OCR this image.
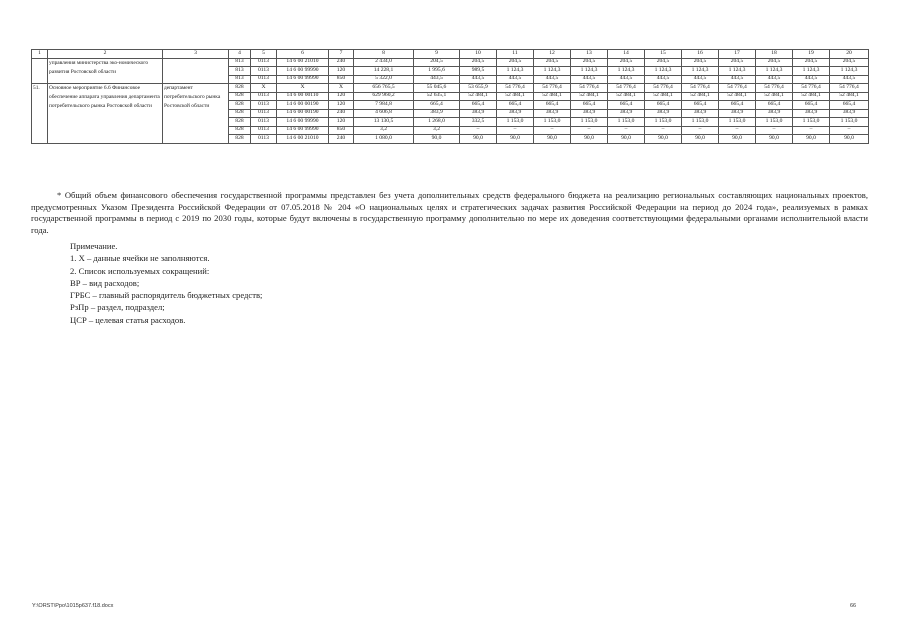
1	2	3	4	5	6	7	8	9	10	11	12	13	14	15	16	17	18	19	20
	управления министерства эко-номического развития Ростовской области		813	0113	14 6 00 21010	240	2 434,0	204,5	204,5	204,5	204,5	204,5	204,5	204,5	204,5	204,5	204,5	204,5	204,5
			813	0113	14 6 00 99990	120	14 228,1	1 995,6	989,5	1 124,3	1 124,3	1 124,3	1 124,3	1 124,3	1 124,3	1 124,3	1 124,3	1 124,3	1 124,3
			813	0113	14 6 00 99990	850	5 322,0	443,5	443,5	443,5	443,5	443,5	443,5	443,5	443,5	443,5	443,5	443,5	443,5
51.	Основное мероприятие 6.6 Финансовое обеспечение аппарата управления департамента потребительского рынка Ростовской области	департамент потребительского рынка Ростовской области	828	Х	Х	Х	656 765,5	55 045,6	53 655,9	54 776,4	54 776,4	54 776,4	54 776,4	54 776,4	54 776,4	54 776,4	54 776,4	54 776,4	54 776,4
			828	0113	14 6 00 00110	120	629 960,2	52 635,1	52 484,1	52 484,1	52 484,1	52 484,1	52 484,1	52 484,1	52 484,1	52 484,1	52 484,1	52 484,1	52 484,1
			828	0113	14 6 00 00190	120	7 984,8	665,4	665,4	665,4	665,4	665,4	665,4	665,4	665,4	665,4	665,4	665,4	665,4
			828	0113	14 6 00 00190	240	4 606,8	383,9	383,9	383,9	383,9	383,9	383,9	383,9	383,9	383,9	383,9	383,9	383,9
			828	0113	14 6 00 99990	120	13 130,5	1 268,0	332,5	1 153,0	1 153,0	1 153,0	1 153,0	1 153,0	1 153,0	1 153,0	1 153,0	1 153,0	1 153,0
			828	0113	14 6 00 99990	850	3,2	3,2	–	–	–	–	–	–	–	–	–	–	–
			828	0113	14 6 00 21010	240	1 080,0	90,0	90,0	90,0	90,0	90,0	90,0	90,0	90,0	90,0	90,0	90,0	90,0
* Общий объем финансового обеспечения государственной программы представлен без учета дополнительных средств федерального бюджета на реализацию региональных составляющих национальных проектов, предусмотренных Указом Президента Российской Федерации от 07.05.2018 № 204 «О национальных целях и стратегических задачах развития Российской Федерации на период до 2024 года», реализуемых в рамках государственной программы в период с 2019 по 2030 годы, которые будут включены в государственную программу дополнительно по мере их доведения соответствующими федеральными органами исполнительной власти года.
Примечание.
1. Х – данные ячейки не заполняются.
2. Список используемых сокращений:
ВР – вид расходов;
ГРБС – главный распорядитель бюджетных средств;
РзПр – раздел, подраздел;
ЦСР – целевая статья расходов.
Y:\ORST\Ppo\1015p637.f18.docx	66
